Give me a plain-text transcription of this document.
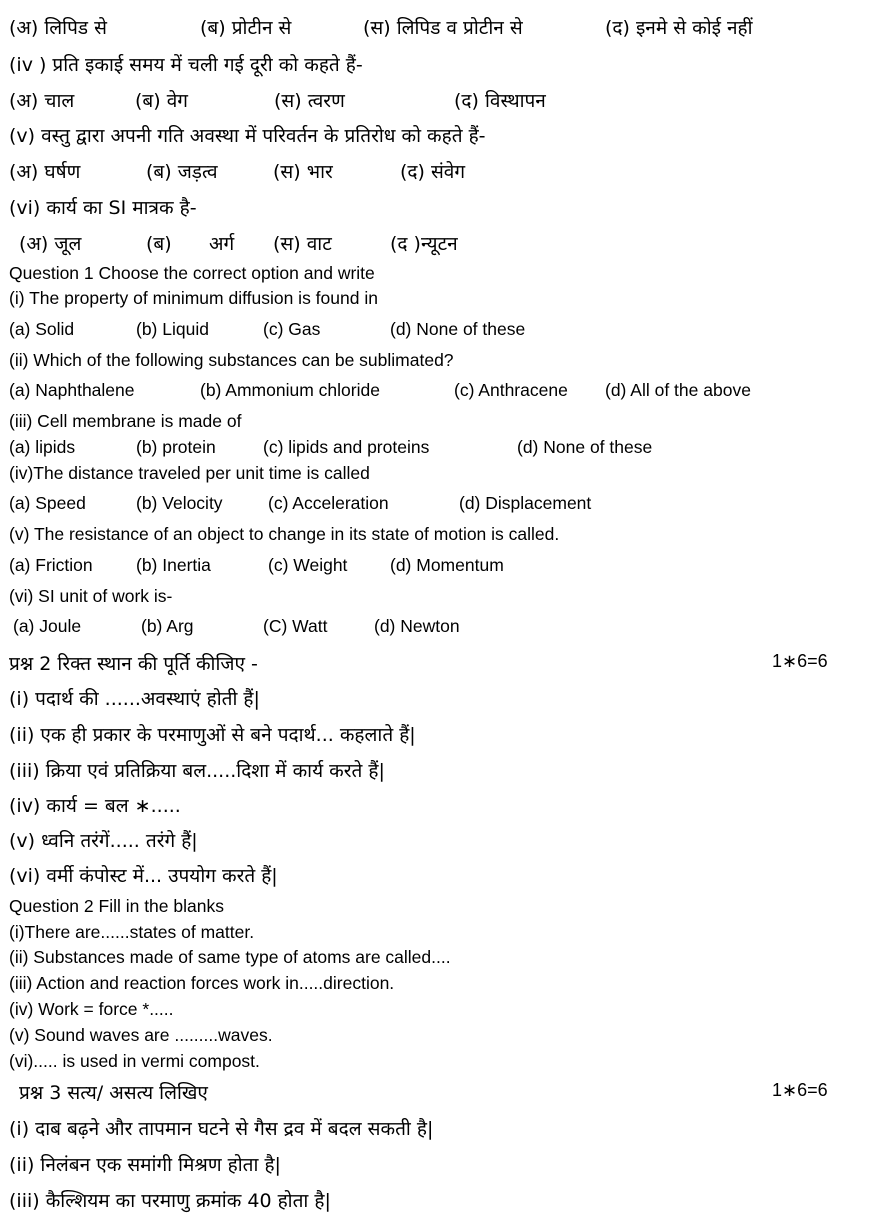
(अ) लिपिड से	(ब) प्रोटीन से	(स) लिपिड व प्रोटीन से	(द) इनमे से कोई नहीं
(iv ) प्रति इकाई समय में चली गई दूरी को कहते हैं-
(अ) चाल	(ब) वेग	(स) त्वरण	(द) विस्थापन
(v) वस्तु द्वारा अपनी गति अवस्था में परिवर्तन के प्रतिरोध को कहते हैं-
(अ) घर्षण	(ब) जड़त्व	(स) भार	(द) संवेग
(vi) कार्य का SI मात्रक है-
(अ) जूल	(ब) अर्ग (स) वाट	(द )न्यूटन
Question 1 Choose the correct option and write
(i) The property of minimum diffusion is found in
(a) Solid	(b) Liquid	(c) Gas	(d) None of these
(ii) Which of the following substances can be sublimated?
(a) Naphthalene	(b) Ammonium chloride	(c) Anthracene (d) All of the above
(iii) Cell membrane is made of
(a) lipids	(b) protein	(c) lipids and proteins	(d) None of these
(iv)The distance traveled per unit time is called
(a) Speed	(b) Velocity	(c) Acceleration	(d) Displacement
(v) The resistance of an object to change in its state of motion is called.
(a) Friction (b) Inertia	(c) Weight (d) Momentum
(vi) SI unit of work is-
(a) Joule	(b) Arg	(C) Watt	(d) Newton
प्रश्न 2 रिक्त स्थान की पूर्ति कीजिए -	1∗6=6
(i) पदार्थ की ......अवस्थाएं होती हैं|
(ii) एक ही प्रकार के परमाणुओं से बने पदार्थ... कहलाते हैं|
(iii) क्रिया एवं प्रतिक्रिया बल.....दिशा में कार्य करते हैं|
(iv) कार्य = बल ∗.....
(v) ध्वनि तरंगें..... तरंगे हैं|
(vi) वर्मी कंपोस्ट में... उपयोग करते हैं|
Question 2 Fill in the blanks
(i)There are......states of matter.
(ii) Substances made of same type of atoms are called....
(iii) Action and reaction forces work in.....direction.
(iv) Work = force *.....
(v) Sound waves are .........waves.
(vi)..... is used in vermi compost.
प्रश्न 3 सत्य/ असत्य लिखिए	1∗6=6
(i) दाब बढ़ने और तापमान घटने से गैस द्रव में बदल सकती है|
(ii) निलंबन एक समांगी मिश्रण होता है|
(iii) कैल्शियम का परमाणु क्रमांक 40 होता है|
